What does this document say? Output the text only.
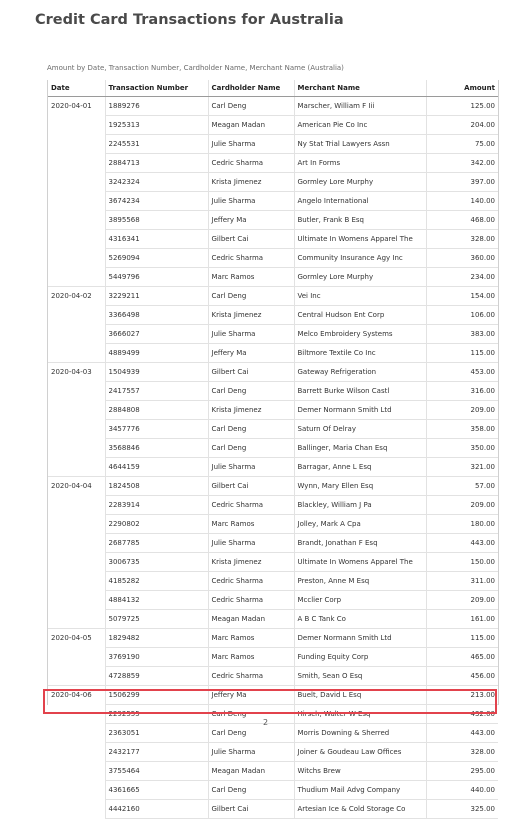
Credit Card Transactions for Australia
Amount by Date, Transaction Number, Cardholder Name, Merchant Name (Australia)
Date	Transaction Number	Cardholder Name	Merchant Name	Amount
2020-04-01	1889276	Carl Deng	Marscher, William F Iii	125.00
	1925313	Meagan Madan	American Pie Co Inc	204.00
	2245531	Julie Sharma	Ny Stat Trial Lawyers Assn	75.00
	2884713	Cedric Sharma	Art In Forms	342.00
	3242324	Krista Jimenez	Gormley Lore Murphy	397.00
	3674234	Julie Sharma	Angelo International	140.00
	3895568	Jeffery Ma	Butler, Frank B Esq	468.00
	4316341	Gilbert Cai	Ultimate In Womens Apparel The	328.00
	5269094	Cedric Sharma	Community Insurance Agy Inc	360.00
	5449796	Marc Ramos	Gormley Lore Murphy	234.00
2020-04-02	3229211	Carl Deng	Vei Inc	154.00
	3366498	Krista Jimenez	Central Hudson Ent Corp	106.00
	3666027	Julie Sharma	Melco Embroidery Systems	383.00
	4889499	Jeffery Ma	Biltmore Textile Co Inc	115.00
2020-04-03	1504939	Gilbert Cai	Gateway Refrigeration	453.00
	2417557	Carl Deng	Barrett Burke Wilson Castl	316.00
	2884808	Krista Jimenez	Demer Normann Smith Ltd	209.00
	3457776	Carl Deng	Saturn Of Delray	358.00
	3568846	Carl Deng	Ballinger, Maria Chan Esq	350.00
	4644159	Julie Sharma	Barragar, Anne L Esq	321.00
2020-04-04	1824508	Gilbert Cai	Wynn, Mary Ellen Esq	57.00
	2283914	Cedric Sharma	Blackley, William J Pa	209.00
	2290802	Marc Ramos	Jolley, Mark A Cpa	180.00
	2687785	Julie Sharma	Brandt, Jonathan F Esq	443.00
	3006735	Krista Jimenez	Ultimate In Womens Apparel The	150.00
	4185282	Cedric Sharma	Preston, Anne M Esq	311.00
	4884132	Cedric Sharma	Mcclier Corp	209.00
	5079725	Meagan Madan	A B C Tank Co	161.00
2020-04-05	1829482	Marc Ramos	Demer Normann Smith Ltd	115.00
	3769190	Marc Ramos	Funding Equity Corp	465.00
	4728859	Cedric Sharma	Smith, Sean O Esq	456.00
2020-04-06	1506299	Jeffery Ma	Buelt, David L Esq	213.00
	2292555	Carl Deng	Hirsch, Walter W Esq	432.00
	2363051	Carl Deng	Morris Downing & Sherred	443.00
	2432177	Julie Sharma	Joiner & Goudeau Law Offices	328.00
	3755464	Meagan Madan	Witchs Brew	295.00
	4361665	Carl Deng	Thudium Mail Advg Company	440.00
	4442160	Gilbert Cai	Artesian Ice & Cold Storage Co	325.00
2
